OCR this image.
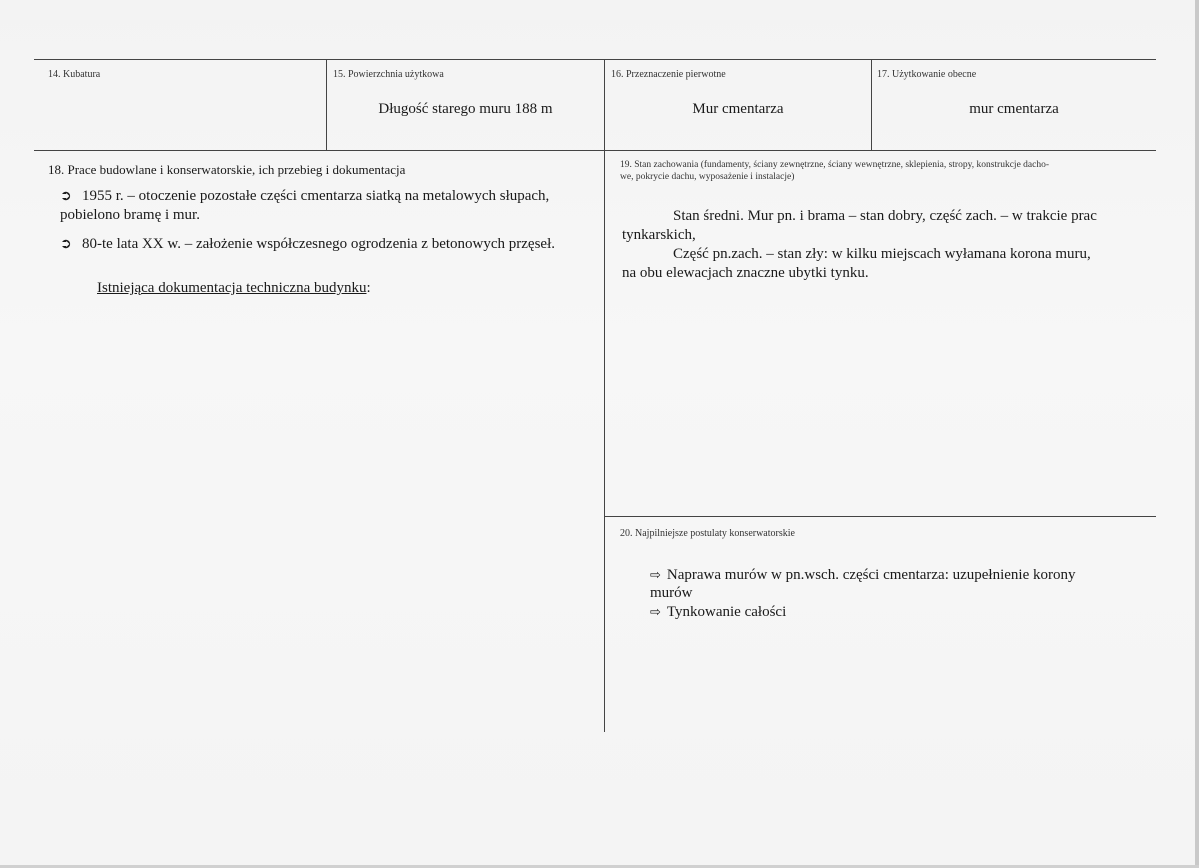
14. Kubatura	15. Powierzchnia użytkowa
Długość starego muru 188 m
16. Przeznaczenie pierwotne
Mur cmentarza
17. Użytkowanie obecne
mur cmentarza
18. Prace budowlane i konserwatorskie, ich przebieg i dokumentacja
➲ 1955 r. – otoczenie pozostałe części cmentarza siatką na metalowych słupach,
pobielono bramę i mur.
➲ 80-te lata XX w. – założenie współczesnego ogrodzenia z betonowych przęseł.
Istniejąca dokumentacja techniczna budynku:
19. Stan zachowania (fundamenty, ściany zewnętrzne, ściany wewnętrzne, sklepienia, stropy, konstrukcje dacho-
we, pokrycie dachu, wyposażenie i instalacje)
Stan średni. Mur pn. i brama – stan dobry, część zach. – w trakcie prac
tynkarskich,
Część pn.zach. – stan zły: w kilku miejscach wyłamana korona muru,
na obu elewacjach znaczne ubytki tynku.
20. Najpilniejsze postulaty konserwatorskie
⇨ Naprawa murów w pn.wsch. części cmentarza: uzupełnienie korony
murów
⇨ Tynkowanie całości
